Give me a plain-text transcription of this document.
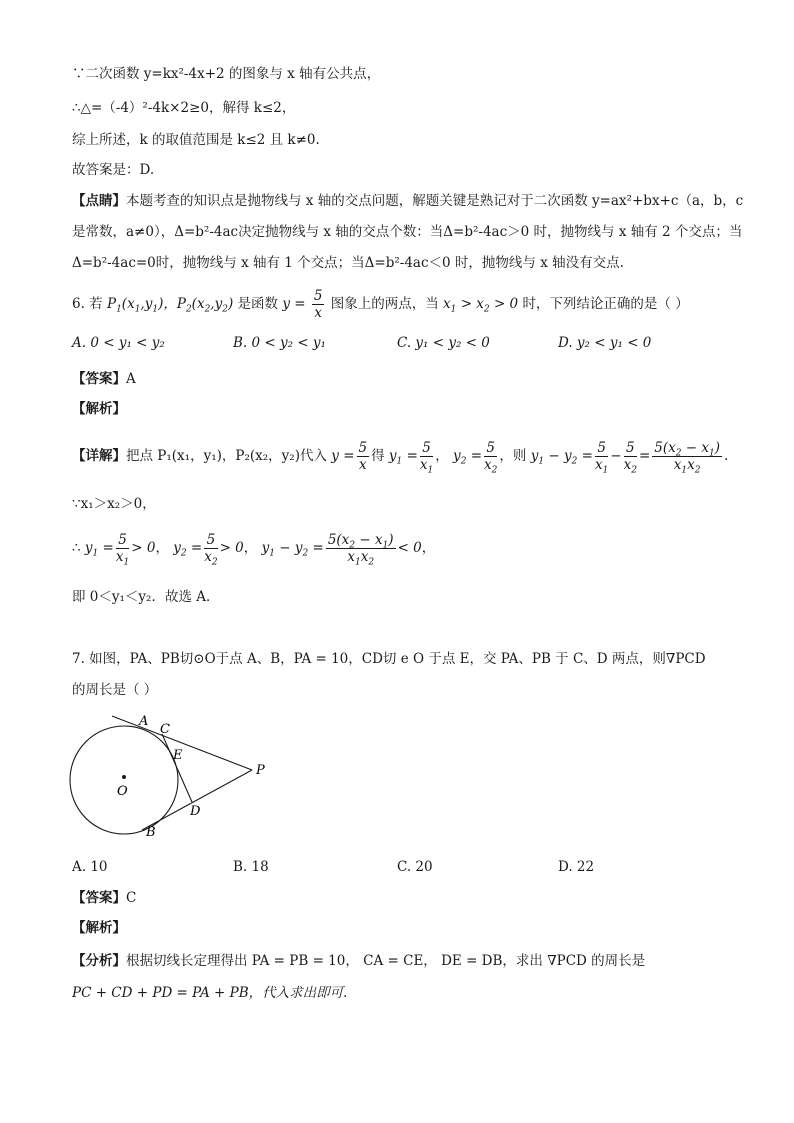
∵二次函数 y=kx²-4x+2 的图象与 x 轴有公共点，
∴△=（-4）²-4k×2≥0，解得 k≤2，
综上所述，k 的取值范围是 k≤2 且 k≠0.
故答案是：D.
【点睛】本题考查的知识点是抛物线与 x 轴的交点问题，解题关键是熟记对于二次函数 y=ax²+bx+c（a，b，c
是常数，a≠0），Δ=b²-4ac决定抛物线与 x 轴的交点个数：当Δ=b²-4ac＞0 时，抛物线与 x 轴有 2 个交点；当
Δ=b²-4ac=0时，抛物线与 x 轴有 1 个交点；当Δ=b²-4ac＜0 时，抛物线与 x 轴没有交点.
6. 若 $P_1(x_1,y_1)$，$P_2(x_2,y_2)$ 是函数 $y = \frac{5}{x}$ 图象上的两点，当 $x_1 > x_2 > 0$ 时，下列结论正确的是（ ）
A. 0 < y₁ < y₂	B. 0 < y₂ < y₁	C. y₁ < y₂ < 0	D. y₂ < y₁ < 0
【答案】A
【解析】
【详解】把点 P₁(x₁，y₁)，P₂(x₂，y₂)代入 $y = \frac{5}{x}$ 得 $y_1 = \frac{5}{x_1}$ ， $y_2 = \frac{5}{x_2}$ ，则 $y_1 - y_2 = \frac{5}{x_1} - \frac{5}{x_2} = \frac{5(x_2 - x_1)}{x_1x_2}$ .
∵x₁＞x₂＞0，
∴ $y_1 = \frac{5}{x_1} > 0$， $y_2 = \frac{5}{x_2} > 0$， $y_1 - y_2 = \frac{5(x_2 - x_1)}{x_1x_2} < 0$，
即 0＜y₁＜y₂．故选 A．
7. 如图，PA、PB切⊙O于点 A、B，PA = 10，CD切 e O 于点 E，交 PA、PB 于 C、D 两点，则∇PCD
的周长是（ ）
A
C
E
O
P
D
B
A. 10	B. 18	C. 20	D. 22
【答案】C
【解析】
【分析】根据切线长定理得出 PA = PB = 10， CA = CE， DE = DB，求出 ∇PCD 的周长是
PC + CD + PD = PA + PB，代入求出即可.
